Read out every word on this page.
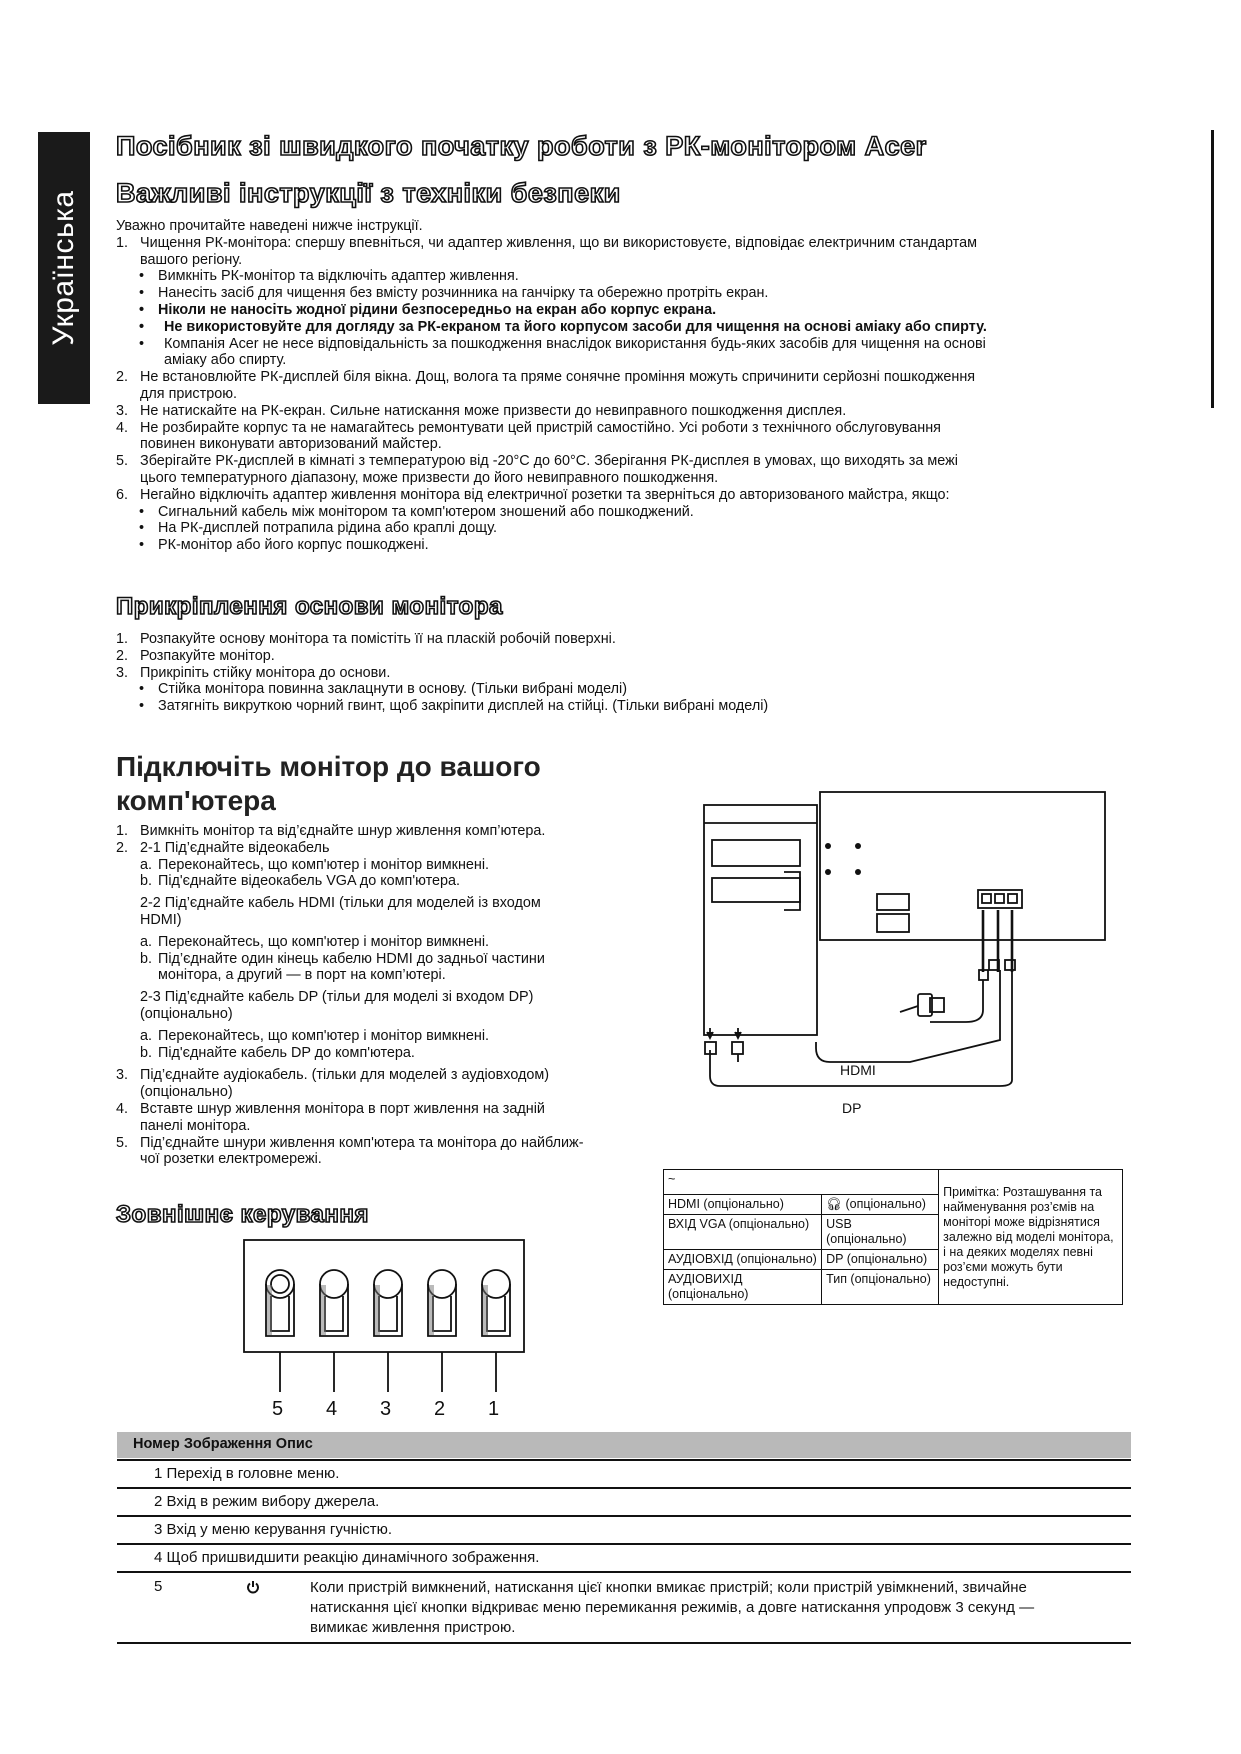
Українська
Посібник зі швидкого початку роботи з РК-монітором Acer
Важливі інструкції з техніки безпеки

Уважно прочитайте наведені нижче інструкції.

1. Чищення РК-монітора: спершу впевніться, чи адаптер живлення, що ви використовуєте, відповідає електричним стандартам
вашого регіону.
• Вимкніть РК-монітор та відключіть адаптер живлення.
• Нанесіть засіб для чищення без вмісту розчинника на ганчірку та обережно протріть екран.
• Ніколи не наносіть жодної рідини безпосередньо на екран або корпус екрана.
• Не використовуйте для догляду за РК-екраном та його корпусом засоби для чищення на основі аміаку або спирту.
• Компанія Acer не несе відповідальність за пошкодження внаслідок використання будь-яких засобів для чищення на основі
аміаку або спирту.
2. Не встановлюйте РК-дисплей біля вікна. Дощ, волога та пряме сонячне проміння можуть спричинити серйозні пошкодження
для пристрою.
3. Не натискайте на РК-екран. Сильне натискання може призвести до невиправного пошкодження дисплея.
4. Не розбирайте корпус та не намагайтесь ремонтувати цей пристрій самостійно. Усі роботи з технічного обслуговування
повинен виконувати авторизований майстер.
5. Зберігайте РК-дисплей в кімнаті з температурою від -20°C до 60°C. Зберігання РК-дисплея в умовах, що виходять за межі
цього температурного діапазону, може призвести до його невиправного пошкодження.
6. Негайно відключіть адаптер живлення монітора від електричної розетки та зверніться до авторизованого майстра, якщо:
• Сигнальний кабель між монітором та комп'ютером зношений або пошкоджений.
• На РК-дисплей потрапила рідина або краплі дощу.
• РК-монітор або його корпус пошкоджені.
Прикріплення основи монітора
1. Розпакуйте основу монітора та помістіть її на пласкій робочій поверхні.
2. Розпакуйте монітор.
3. Прикріпіть стійку монітора до основи.
• Стійка монітора повинна заклацнути в основу. (Тільки вибрані моделі)
• Затягніть викруткою чорний гвинт, щоб закріпити дисплей на стійці. (Тільки вибрані моделі)
Підключіть монітор до вашого
комп'ютера
1. Вимкніть монітор та від’єднайте шнур живлення комп’ютера.
2. 2-1 Під’єднайте відеокабель
a. Переконайтесь, що комп'ютер і монітор вимкнені.
b. Під'єднайте відеокабель VGA до комп'ютера.
2-2 Під’єднайте кабель HDMI (тільки для моделей із входом
HDMI)
a. Переконайтесь, що комп'ютер і монітор вимкнені.
b. Під’єднайте один кінець кабелю HDMI до задньої частини
монітора, а другий — в порт на комп’ютері.
2-3 Під’єднайте кабель DP (тільи для моделі зі входом DP)
(опціонально)
a. Переконайтесь, що комп'ютер і монітор вимкнені.
b. Під'єднайте кабель DP до комп'ютера.
3. Під’єднайте аудіокабель. (тільки для моделей з аудіовходом)
(опціонально)
4. Вставте шнур живлення монітора в порт живлення на задній
панелі монітора.
5. Під’єднайте шнури живлення комп'ютера та монітора до найближ-
чої розетки електромережі.
HDMI
DP
~		Примітка: Розташування та найменування роз’ємів на моніторі може відрізнятися залежно від моделі монітора, і на деяких моделях певні роз’єми можуть бути недоступні.
HDMI (опціонально)	🎧︎ (опціонально)	
ВХІД VGA (опціонально)	USB (опціонально)	
АУДІОВХІД (опціонально)	DP (опціонально)	
АУДІОВИХІД (опціонально)	Тип (опціонально)	
Зовнішнє керування
5 4 3 2 1
Номер Зображення Опис
1 Перехід в головне меню.
2 Вхід в режим вибору джерела.
3 Вхід у меню керування гучністю.
4 Щоб пришвидшити реакцію динамічного зображення.
5	Коли пристрій вимкнений, натискання цієї кнопки вмикає пристрій; коли пристрій увімкнений, звичайне
натискання цієї кнопки відкриває меню перемикання режимів, а довге натискання упродовж 3 секунд —
вимикає живлення пристрою.
